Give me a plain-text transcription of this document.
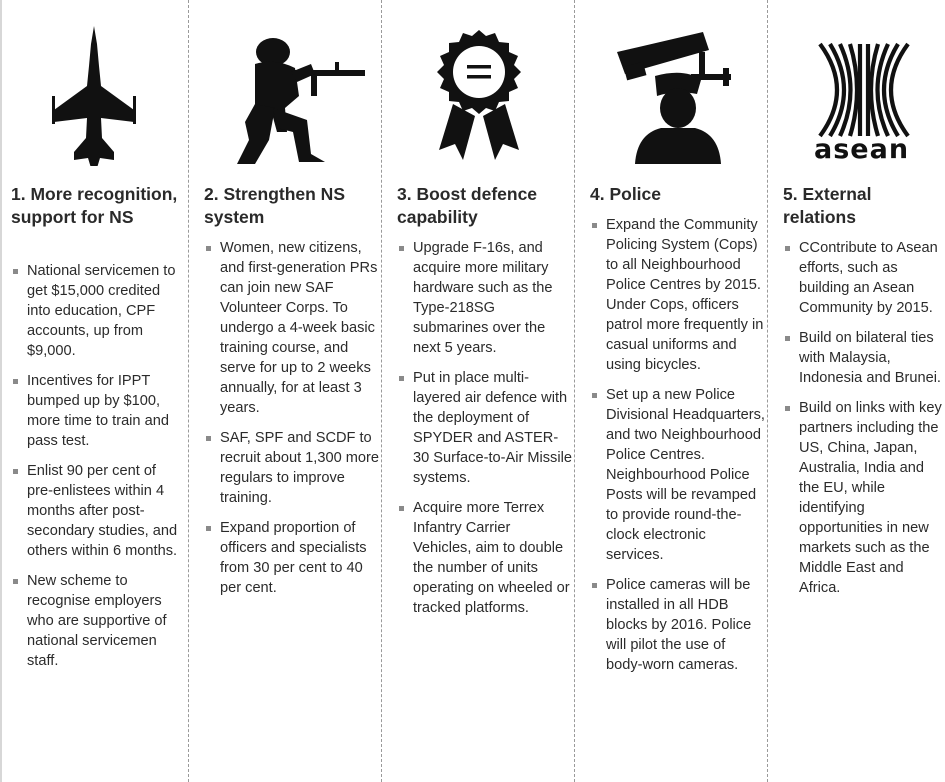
1. More recognition, support for NS
National servicemen to get $15,000 credited into education, CPF accounts, up from $9,000.
Incentives for IPPT bumped up by $100, more time to train and pass test.
Enlist 90 per cent of pre-enlistees within 4 months after post-secondary studies, and others within 6 months.
New scheme to recognise employers who are supportive of national servicemen staff.
2. Strengthen NS system
Women, new citizens, and first-generation PRs can join new SAF Volunteer Corps. To undergo a 4-week basic training course, and serve for up to 2 weeks annually, for at least 3 years.
SAF, SPF and SCDF to recruit about 1,300 more regulars to improve training.
Expand proportion of officers and specialists from 30 per cent to 40 per cent.
3. Boost defence capability
Upgrade F-16s, and acquire more military hardware such as the Type-218SG submarines over the next 5 years.
Put in place multi-layered air defence with the deployment of SPYDER and ASTER-30 Surface-to-Air Missile systems.
Acquire more Terrex Infantry Carrier Vehicles, aim to double the number of units operating on wheeled or tracked platforms.
4. Police
Expand the Community Policing System (Cops) to all Neighbourhood Police Centres by 2015. Under Cops, officers patrol more frequently in casual uniforms and using bicycles.
Set up a new Police Divisional Headquarters, and two Neighbourhood Police Centres. Neighbourhood Police Posts will be revamped to provide round-the-clock electronic services.
Police cameras will be installed in all HDB blocks by 2016. Police will pilot the use of body-worn cameras.
asean
5. External relations
CContribute to Asean efforts, such as building an Asean Community by 2015.
Build on bilateral ties with Malaysia, Indonesia and Brunei.
Build on links with key partners including the US, China, Japan, Australia, India and the EU, while identifying opportunities in new markets such as the Middle East and Africa.
